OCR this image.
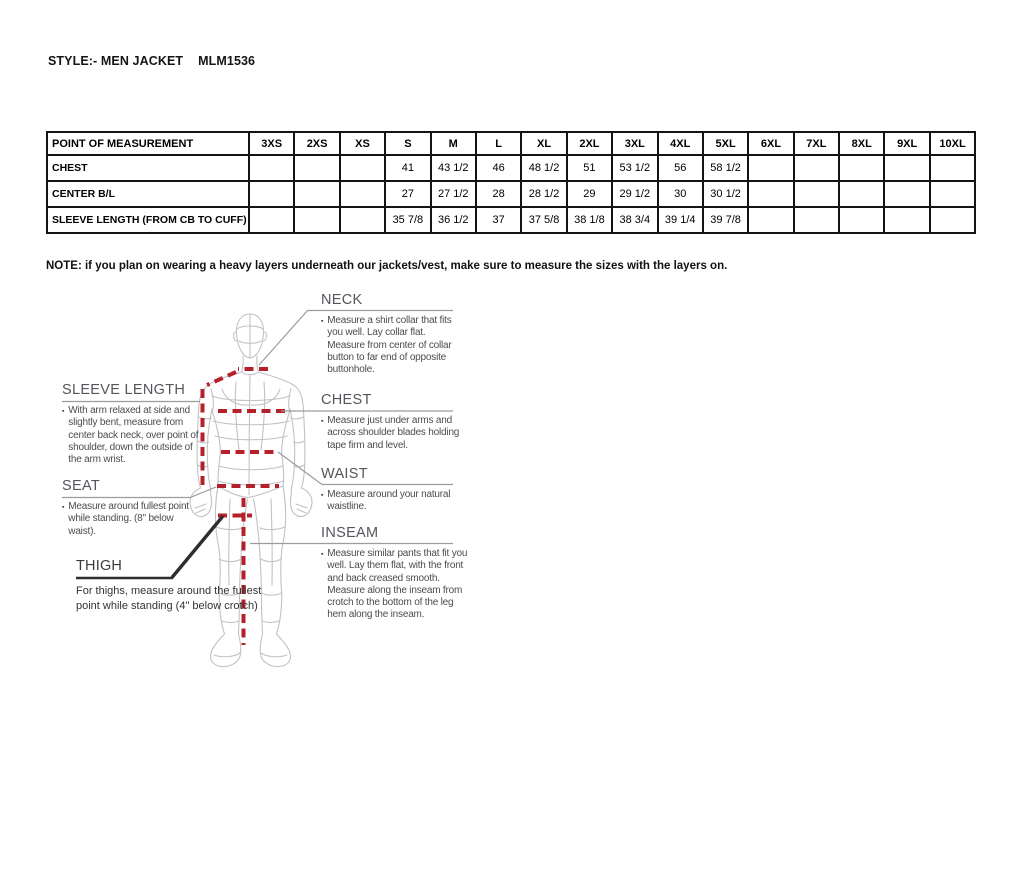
STYLE:- MEN JACKET MLM1536
POINT OF MEASUREMENT	3XS	2XS	XS	S	M	L	XL	2XL	3XL	4XL	5XL	6XL	7XL	8XL	9XL	10XL
CHEST				41	43 1/2	46	48 1/2	51	53 1/2	56	58 1/2					
CENTER B/L				27	27 1/2	28	28 1/2	29	29 1/2	30	30 1/2					
SLEEVE LENGTH (FROM CB TO CUFF)				35 7/8	36 1/2	37	37 5/8	38 1/8	38 3/4	39 1/4	39 7/8					
NOTE: if you plan on wearing a heavy layers underneath our jackets/vest, make sure to measure the sizes with the layers on.
NECK
▪ Measure a shirt collar that fits you well. Lay collar flat. Measure from center of collar button to far end of opposite buttonhole.
CHEST
▪ Measure just under arms and across shoulder blades holding tape firm and level.
WAIST
▪ Measure around your natural waistline.
INSEAM
▪ Measure similar pants that fit you well. Lay them flat, with the front and back creased smooth. Measure along the inseam from crotch to the bottom of the leg hem along the inseam.
SLEEVE LENGTH
▪ With arm relaxed at side and slightly bent, measure from center back neck, over point of shoulder, down the outside of the arm wrist.
SEAT
▪ Measure around fullest point while standing. (8" below waist).
THIGH
For thighs, measure around the fullest point while standing (4" below crotch)
